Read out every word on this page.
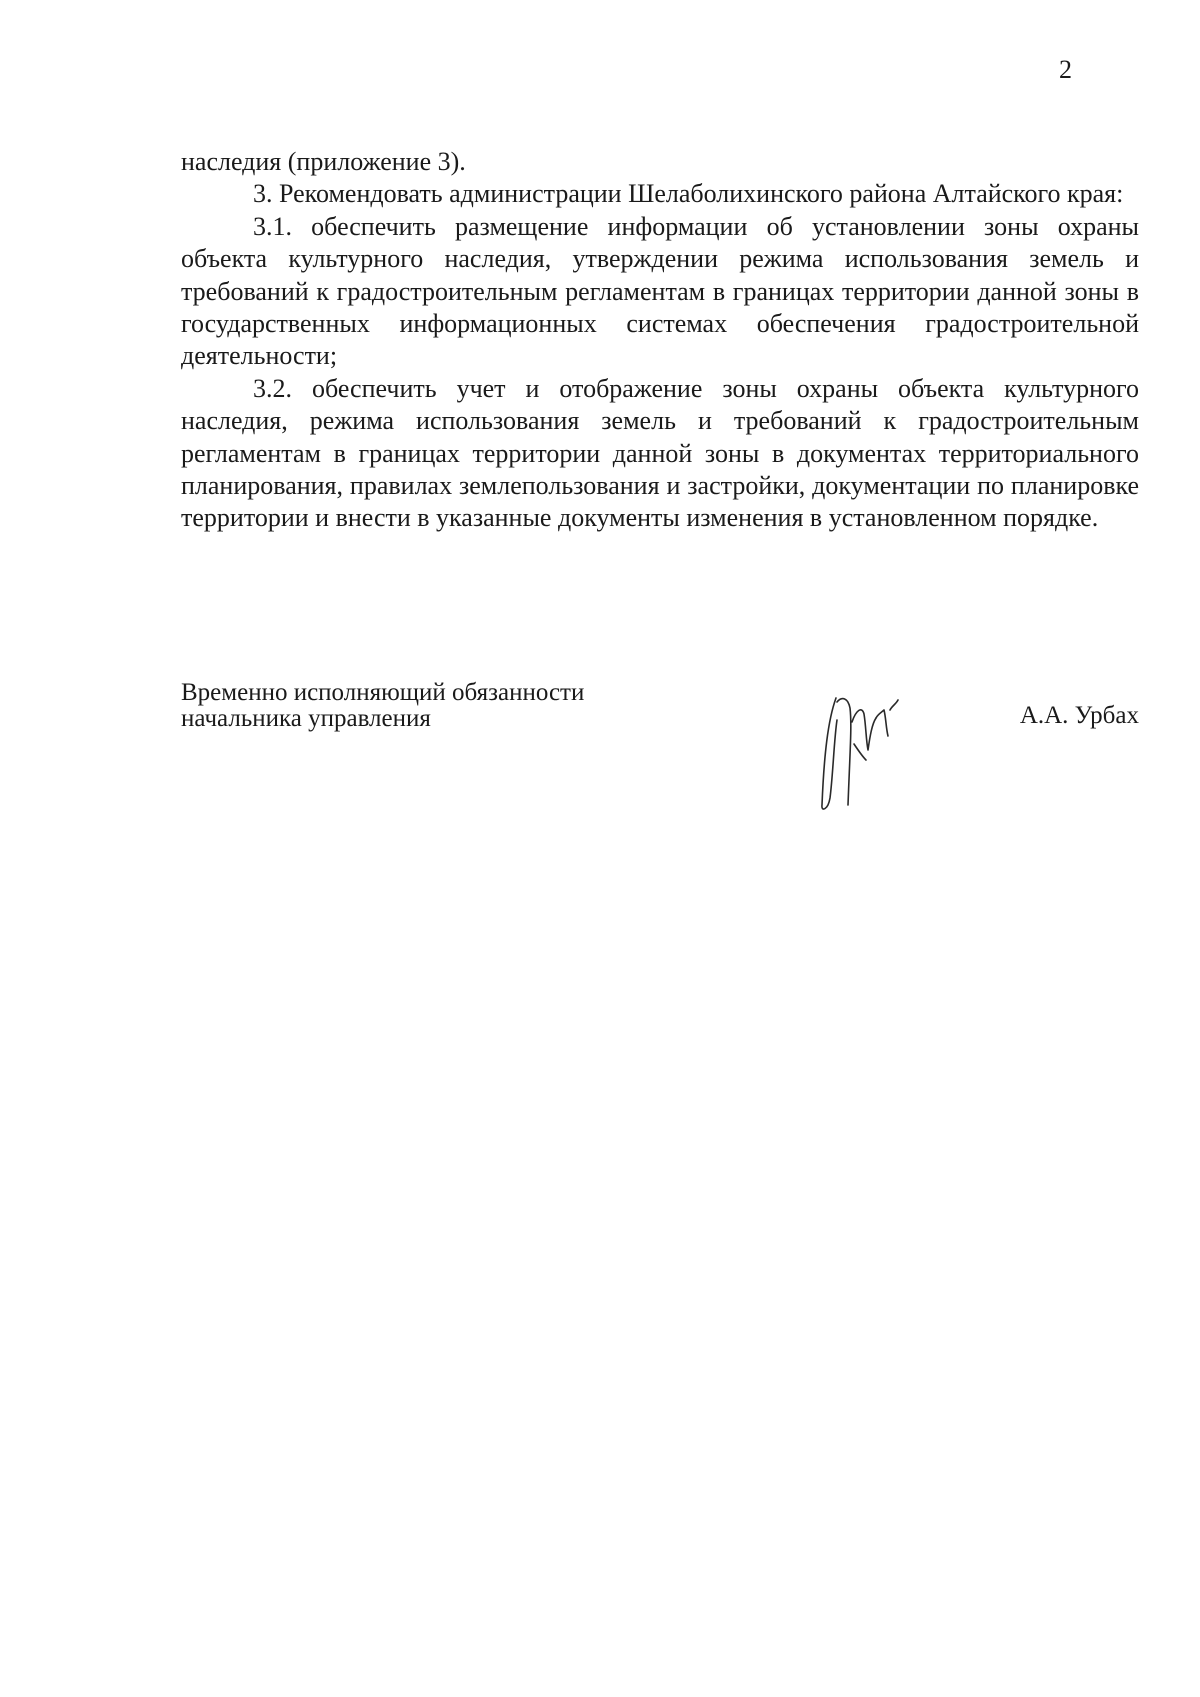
2

наследия (приложение 3).

3. Рекомендовать администрации Шелаболихинского района Алтайского края:

3.1. обеспечить размещение информации об установлении зоны охраны объекта культурного наследия, утверждении режима использования земель и требований к градостроительным регламентам в границах территории данной зоны в государственных информационных системах обеспечения градостроительной деятельности;

3.2. обеспечить учет и отображение зоны охраны объекта культурного наследия, режима использования земель и требований к градостроительным регламентам в границах территории данной зоны в документах территориального планирования, правилах землепользования и застройки, документации по планировке территории и внести в указанные документы изменения в установленном порядке.

Временно исполняющий обязанности
начальника управления	А.А. Урбах
